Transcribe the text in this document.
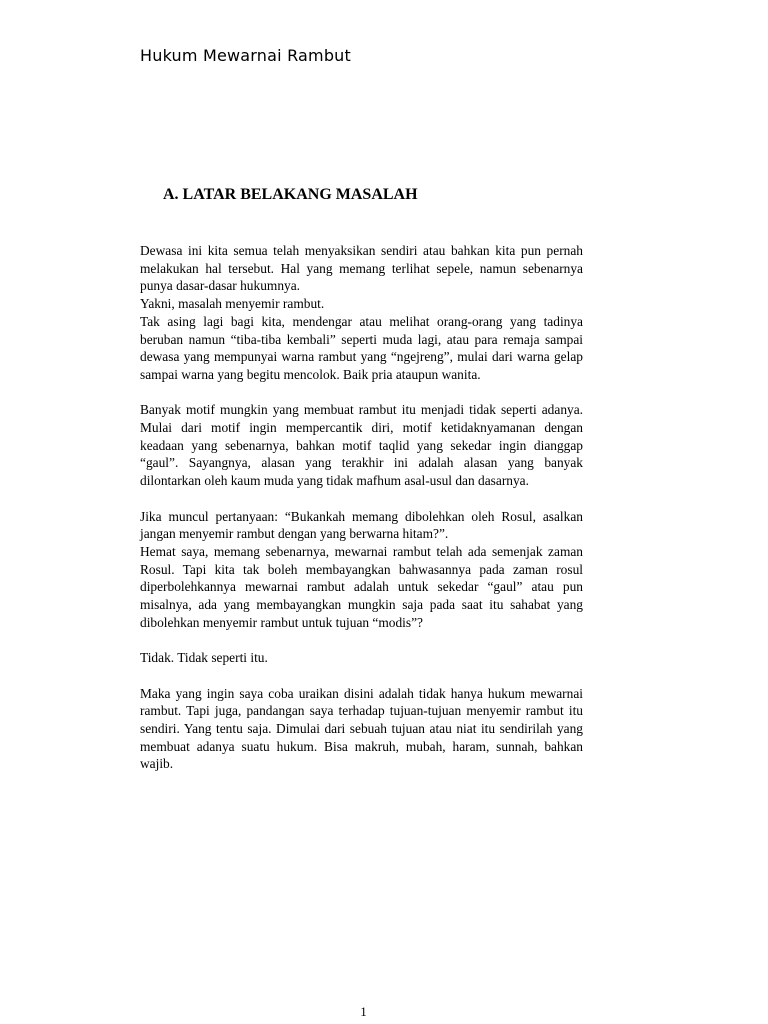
Hukum Mewarnai Rambut
A. LATAR BELAKANG MASALAH

Dewasa ini kita semua telah menyaksikan sendiri atau bahkan kita pun pernah melakukan hal tersebut. Hal yang memang terlihat sepele, namun sebenarnya punya dasar-dasar hukumnya.

Yakni, masalah menyemir rambut.

Tak asing lagi bagi kita, mendengar atau melihat orang-orang yang tadinya beruban namun “tiba-tiba kembali” seperti muda lagi, atau para remaja sampai dewasa yang mempunyai warna rambut yang “ngejreng”, mulai dari warna gelap sampai warna yang begitu mencolok. Baik pria ataupun wanita.

Banyak motif mungkin yang membuat rambut itu menjadi tidak seperti adanya. Mulai dari motif ingin mempercantik diri, motif ketidaknyamanan dengan keadaan yang sebenarnya, bahkan motif taqlid yang sekedar ingin dianggap “gaul”. Sayangnya, alasan yang terakhir ini adalah alasan yang banyak dilontarkan oleh kaum muda yang tidak mafhum asal-usul dan dasarnya.

Jika muncul pertanyaan: “Bukankah memang dibolehkan oleh Rosul, asalkan jangan menyemir rambut dengan yang berwarna hitam?”.

Hemat saya, memang sebenarnya, mewarnai rambut telah ada semenjak zaman Rosul. Tapi kita tak boleh membayangkan bahwasannya pada zaman rosul diperbolehkannya mewarnai rambut adalah untuk sekedar “gaul” atau pun misalnya, ada yang membayangkan mungkin saja pada saat itu sahabat yang dibolehkan menyemir rambut untuk tujuan “modis”?

Tidak. Tidak seperti itu.

Maka yang ingin saya coba uraikan disini adalah tidak hanya hukum mewarnai rambut. Tapi juga, pandangan saya terhadap tujuan-tujuan menyemir rambut itu sendiri. Yang tentu saja. Dimulai dari sebuah tujuan atau niat itu sendirilah yang membuat adanya suatu hukum. Bisa makruh, mubah, haram, sunnah, bahkan wajib.

1
